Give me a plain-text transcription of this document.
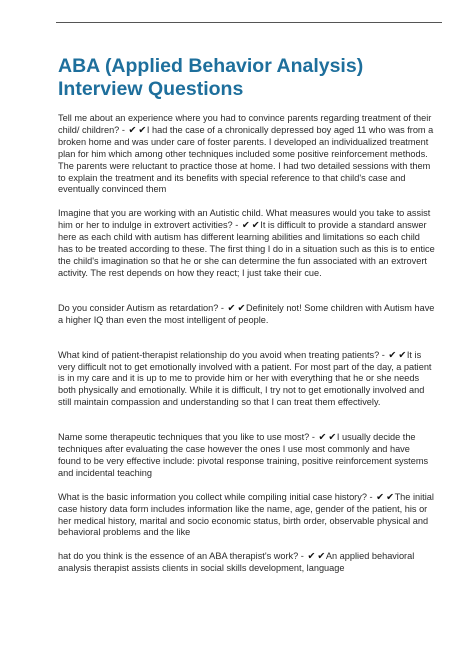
ABA (Applied Behavior Analysis) Interview Questions

Tell me about an experience where you had to convince parents regarding treatment of their child/ children? - ✔ ✔I had the case of a chronically depressed boy aged 11 who was from a broken home and was under care of foster parents. I developed an individualized treatment plan for him which among other techniques included some positive reinforcement methods. The parents were reluctant to practice those at home. I had two detailed sessions with them to explain the treatment and its benefits with special reference to that child's case and eventually convinced them

Imagine that you are working with an Autistic child. What measures would you take to assist him or her to indulge in extrovert activities? - ✔ ✔It is difficult to provide a standard answer here as each child with autism has different learning abilities and limitations so each child has to be treated according to these. The first thing I do in a situation such as this is to entice the child's imagination so that he or she can determine the fun associated with an extrovert activity. The rest depends on how they react; I just take their cue.

Do you consider Autism as retardation? - ✔ ✔Definitely not! Some children with Autism have a higher IQ than even the most intelligent of people.

What kind of patient-therapist relationship do you avoid when treating patients? - ✔ ✔It is very difficult not to get emotionally involved with a patient. For most part of the day, a patient is in my care and it is up to me to provide him or her with everything that he or she needs both physically and emotionally. While it is difficult, I try not to get emotionally involved and still maintain compassion and understanding so that I can treat them effectively.

Name some therapeutic techniques that you like to use most? - ✔ ✔I usually decide the techniques after evaluating the case however the ones I use most commonly and have found to be very effective include: pivotal response training, positive reinforcement systems and incidental teaching

What is the basic information you collect while compiling initial case history? - ✔ ✔The initial case history data form includes information like the name, age, gender of the patient, his or her medical history, marital and socio economic status, birth order, observable physical and behavioral problems and the like

hat do you think is the essence of an ABA therapist's work? - ✔ ✔An applied behavioral analysis therapist assists clients in social skills development, language
